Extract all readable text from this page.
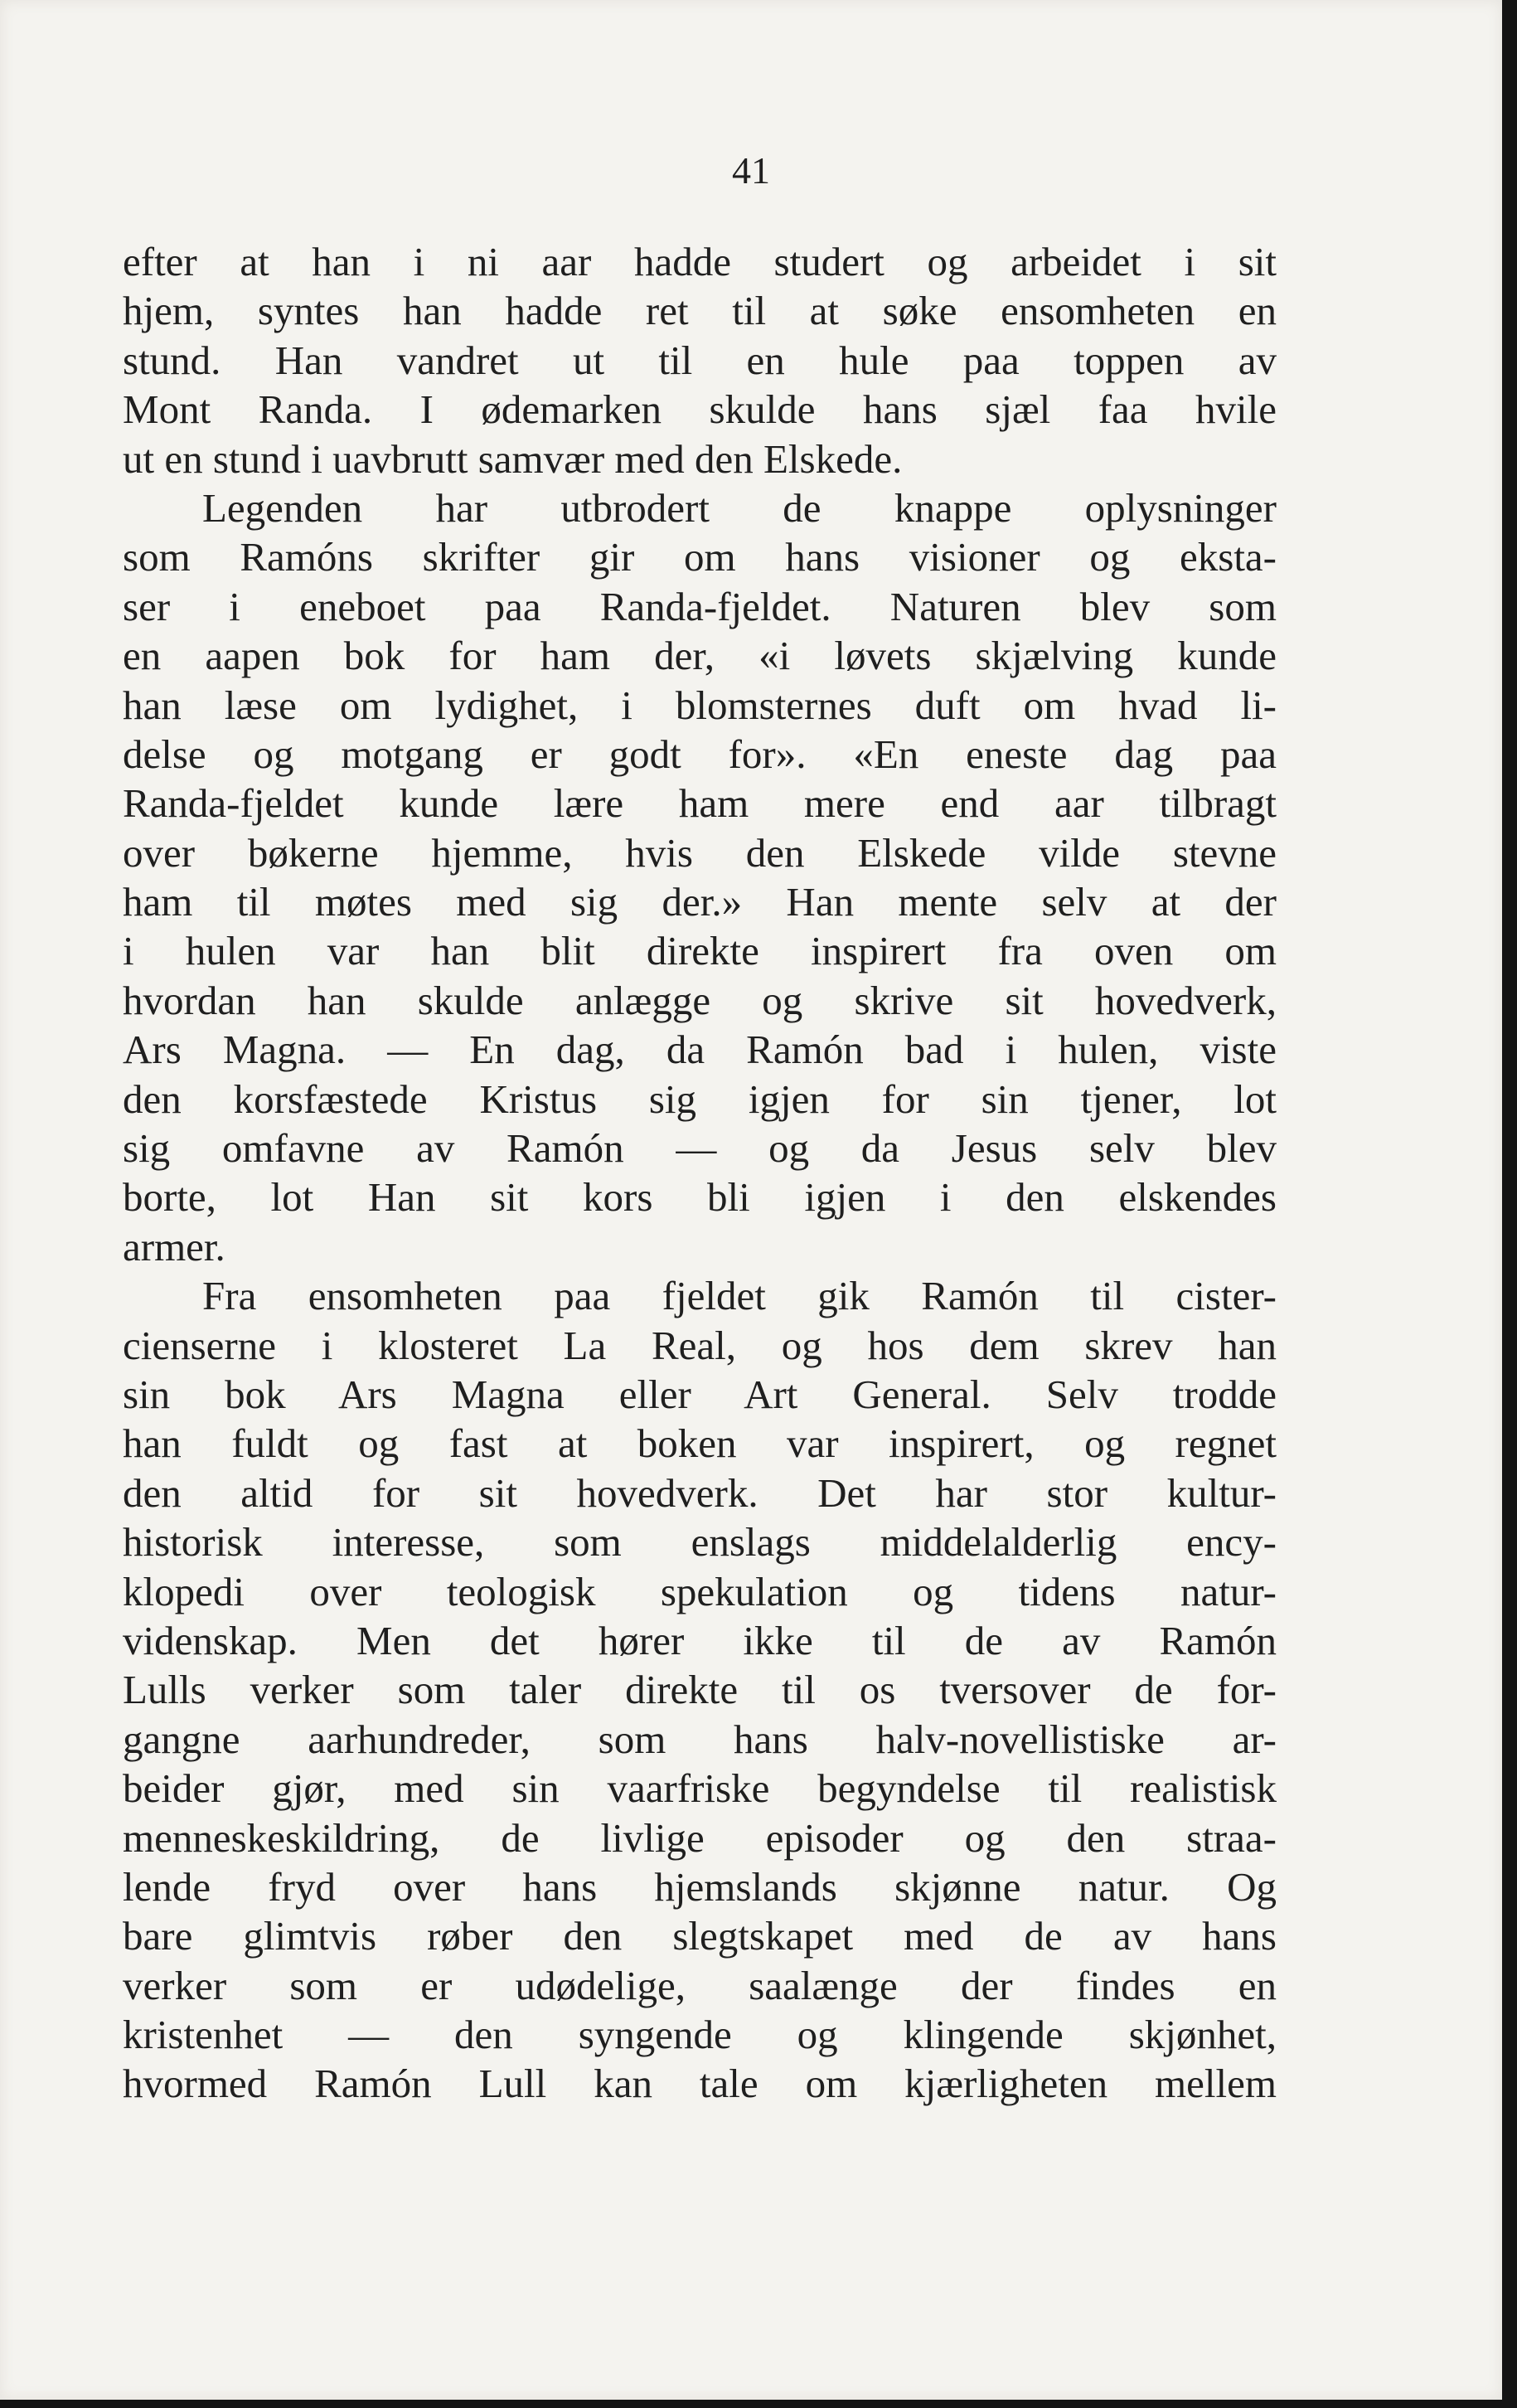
41
efter at han i ni aar hadde studert og arbeidet i sit
hjem, syntes han hadde ret til at søke ensomheten en
stund. Han vandret ut til en hule paa toppen av
Mont Randa. I ødemarken skulde hans sjæl faa hvile
ut en stund i uavbrutt samvær med den Elskede.
Legenden har utbrodert de knappe oplysninger
som Ramóns skrifter gir om hans visioner og eksta-
ser i eneboet paa Randa-fjeldet. Naturen blev som
en aapen bok for ham der, «i løvets skjælving kunde
han læse om lydighet, i blomsternes duft om hvad li-
delse og motgang er godt for». «En eneste dag paa
Randa-fjeldet kunde lære ham mere end aar tilbragt
over bøkerne hjemme, hvis den Elskede vilde stevne
ham til møtes med sig der.» Han mente selv at der
i hulen var han blit direkte inspirert fra oven om
hvordan han skulde anlægge og skrive sit hovedverk,
Ars Magna. — En dag, da Ramón bad i hulen, viste
den korsfæstede Kristus sig igjen for sin tjener, lot
sig omfavne av Ramón — og da Jesus selv blev
borte, lot Han sit kors bli igjen i den elskendes
armer.
Fra ensomheten paa fjeldet gik Ramón til cister-
cienserne i klosteret La Real, og hos dem skrev han
sin bok Ars Magna eller Art General. Selv trodde
han fuldt og fast at boken var inspirert, og regnet
den altid for sit hovedverk. Det har stor kultur-
historisk interesse, som enslags middelalderlig ency-
klopedi over teologisk spekulation og tidens natur-
videnskap. Men det hører ikke til de av Ramón
Lulls verker som taler direkte til os tversover de for-
gangne aarhundreder, som hans halv-novellistiske ar-
beider gjør, med sin vaarfriske begyndelse til realistisk
menneskeskildring, de livlige episoder og den straa-
lende fryd over hans hjemslands skjønne natur. Og
bare glimtvis røber den slegtskapet med de av hans
verker som er udødelige, saalænge der findes en
kristenhet — den syngende og klingende skjønhet,
hvormed Ramón Lull kan tale om kjærligheten mellem
